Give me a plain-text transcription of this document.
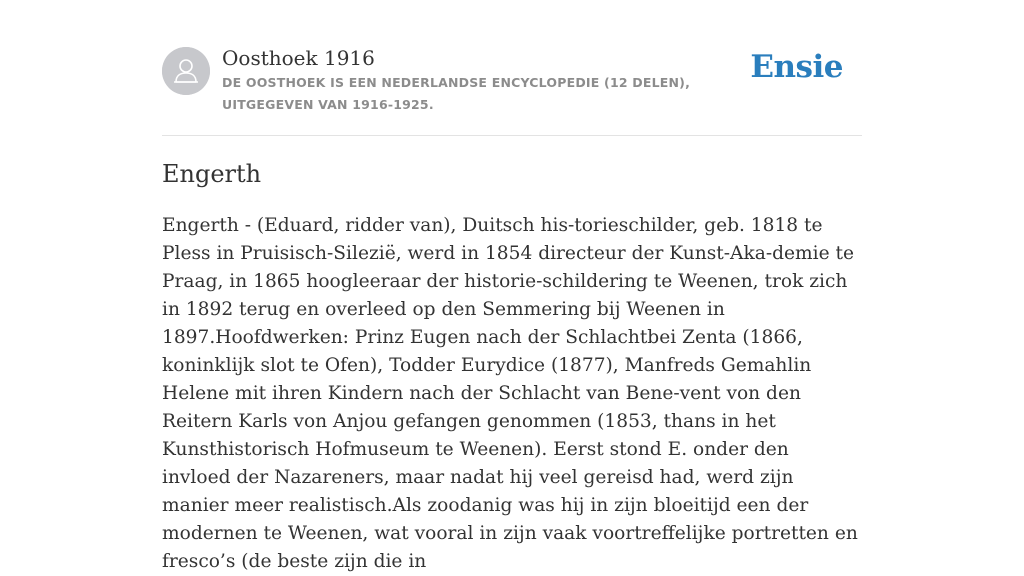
Oosthoek 1916
DE OOSTHOEK IS EEN NEDERLANDSE ENCYCLOPEDIE (12 DELEN), UITGEGEVEN VAN 1916-1925.
Ensie
Engerth

Engerth - (Eduard, ridder van), Duitsch his-torieschilder, geb. 1818 te Pless in Pruisisch-Silezië, werd in 1854 directeur der Kunst-Aka-demie te Praag, in 1865 hoogleeraar der historie-schildering te Weenen, trok zich in 1892 terug en overleed op den Semmering bij Weenen in 1897.Hoofdwerken: Prinz Eugen nach der Schlachtbei Zenta (1866, koninklijk slot te Ofen), Todder Eurydice (1877), Manfreds Gemahlin Helene mit ihren Kindern nach der Schlacht van Bene-vent von den Reitern Karls von Anjou gefangen genommen (1853, thans in het Kunsthistorisch Hofmuseum te Weenen). Eerst stond E. onder den invloed der Nazareners, maar nadat hij veel gereisd had, werd zijn manier meer realistisch.Als zoodanig was hij in zijn bloeitijd een der modernen te Weenen, wat vooral in zijn vaak voortreffelijke portretten en fresco’s (de beste zijn die in
